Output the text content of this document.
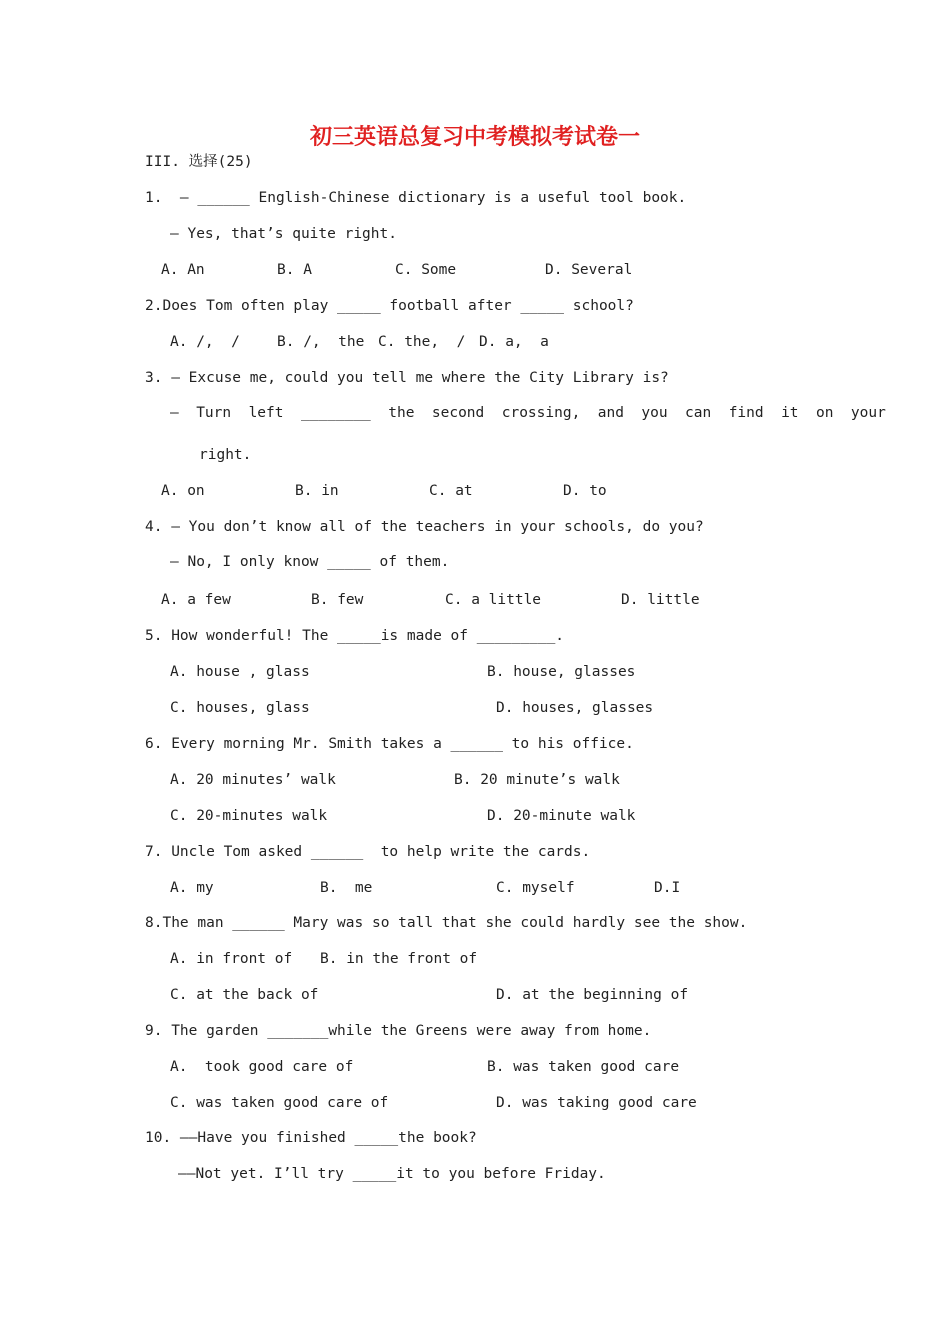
初三英语总复习中考模拟考试卷一
III. 选择(25)
1.  — ______ English-Chinese dictionary is a useful tool book.
— Yes, that’s quite right.
A. An	B. A	C. Some	D. Several
2.Does Tom often play _____ football after _____ school?
A. /,  /	B. /,  the C. the,  / D. a,  a
3. — Excuse me, could you tell me where the City Library is?
—  Turn  left  ________  the  second  crossing,  and  you  can  find  it  on  your
right.
A. on	B. in	C. at	D. to
4. — You don’t know all of the teachers in your schools, do you?
— No, I only know _____ of them.
A. a few	B. few	C. a little	D. little
5. How wonderful! The _____is made of _________.
A. house , glass	B. house, glasses
C. houses, glass	D. houses, glasses
6. Every morning Mr. Smith takes a ______ to his office.
A. 20 minutes’ walk	B. 20 minute’s walk
C. 20-minutes walk	D. 20-minute walk
7. Uncle Tom asked ______  to help write the cards.
A. my	B.  me	C. myself	D.I
8.The man ______ Mary was so tall that she could hardly see the show.
A. in front of B. in the front of
C. at the back of	D. at the beginning of
9. The garden _______while the Greens were away from home.
A.  took good care of	B. was taken good care
C. was taken good care of	D. was taking good care
10. ——Have you finished _____the book?
——Not yet. I’ll try _____it to you before Friday.
